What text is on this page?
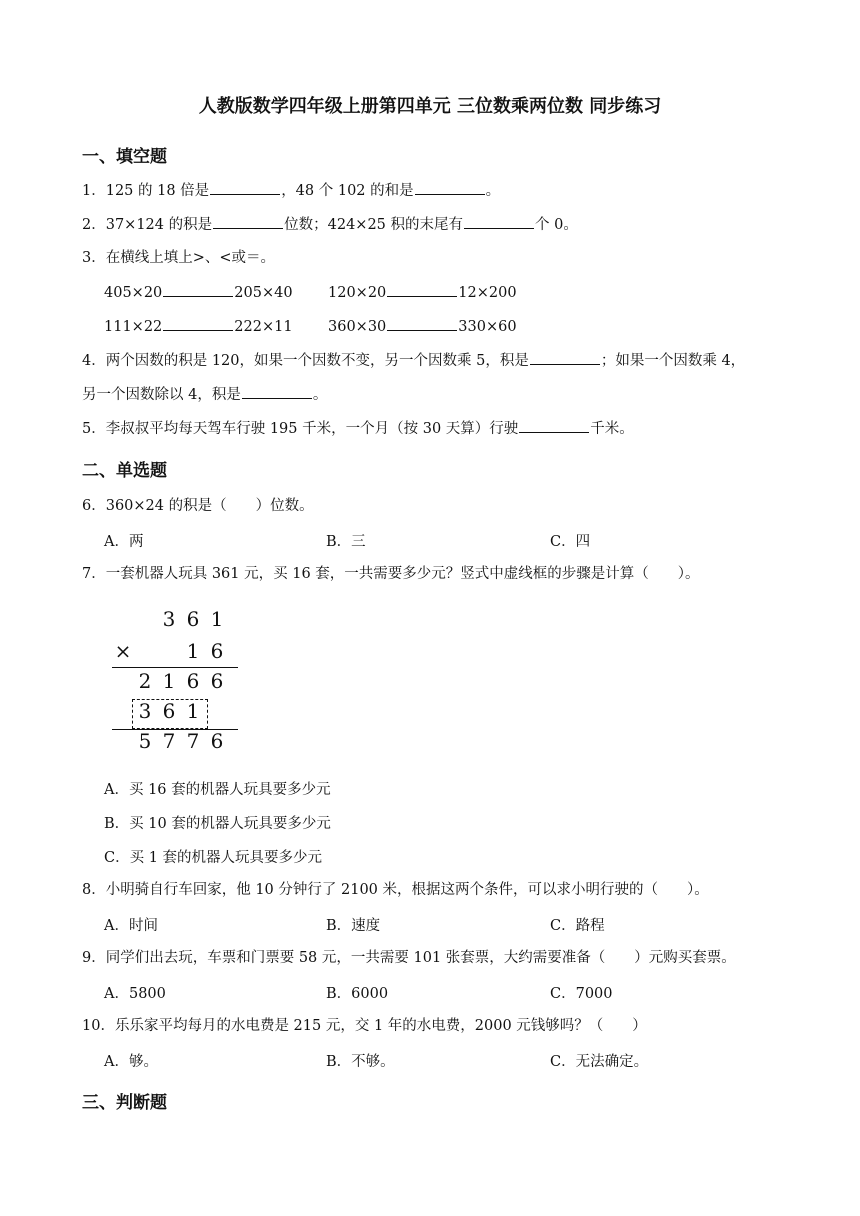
人教版数学四年级上册第四单元 三位数乘两位数 同步练习
一、填空题
1．125 的 18 倍是	，48 个 102 的和是	。
2．37×124 的积是	位数；424×25 积的末尾有	个 0。
3．在横线上填上>、<或＝。
405×20	205×40 120×20	12×200
111×22	222×11 360×30	330×60
4．两个因数的积是 120，如果一个因数不变，另一个因数乘 5，积是	；如果一个因数乘 4，
另一个因数除以 4，积是	。
5．李叔叔平均每天驾车行驶 195 千米，一个月（按 30 天算）行驶	千米。
二、单选题
6．360×24 的积是（　　）位数。
A．两	B．三	C．四
7．一套机器人玩具 361 元，买 16 套，一共需要多少元？竖式中虚线框的步骤是计算（　　）。
3 6 1
×	1 6
2 1 6 6
3 6 1
5 7 7 6
A．买 16 套的机器人玩具要多少元
B．买 10 套的机器人玩具要多少元
C．买 1 套的机器人玩具要多少元
8．小明骑自行车回家，他 10 分钟行了 2100 米，根据这两个条件，可以求小明行驶的（　　）。
A．时间	B．速度	C．路程
9．同学们出去玩，车票和门票要 58 元，一共需要 101 张套票，大约需要准备（　　）元购买套票。
A．5800	B．6000	C．7000
10．乐乐家平均每月的水电费是 215 元，交 1 年的水电费，2000 元钱够吗？（　　）
A．够。	B．不够。	C．无法确定。
三、判断题
